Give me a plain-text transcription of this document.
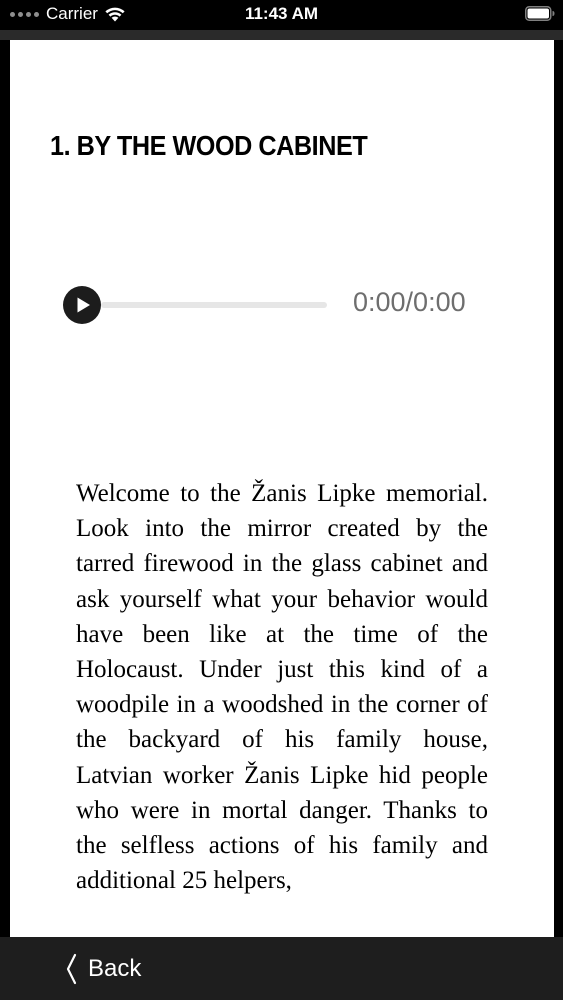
Carrier	11:43 AM
1. BY THE WOOD CABINET
0:00/0:00

Welcome to the Žanis Lipke memorial. Look into the mirror created by the tarred firewood in the glass cabinet and ask yourself what your behavior would have been like at the time of the Holocaust. Under just this kind of a woodpile in a woodshed in the corner of the backyard of his family house, Latvian worker Žanis Lipke hid people who were in mortal danger. Thanks to the selfless actions of his family and additional 25 helpers,

Back
